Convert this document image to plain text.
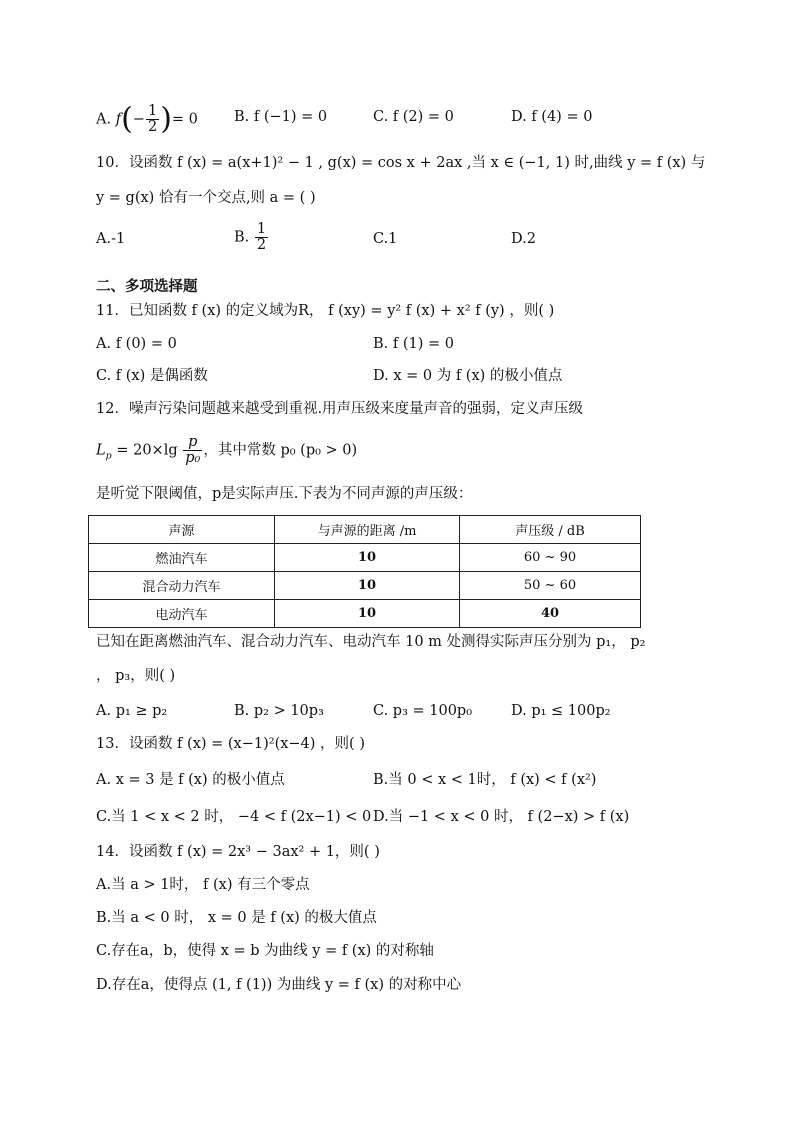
A. $f(- \frac{1}{2}$ )= 0 B. f (−1) = 0	C. f (2) = 0	D. f (4) = 0
10．设函数 f (x) = a(x+1)² − 1 , g(x) = cos x + 2ax ,当 x ∈ (−1, 1) 时,曲线 y = f (x) 与
y = g(x) 恰有一个交点,则 a = ( )
A.-1	B. $\frac{1}{2}$	C.1	D.2
二、多项选择题
11．已知函数 f (x) 的定义域为R， f (xy) = y² f (x) + x² f (y) ，则( )
A. f (0) = 0	B. f (1) = 0
C. f (x) 是偶函数	D. x = 0 为 f (x) 的极小值点
12．噪声污染问题越来越受到重视.用声压级来度量声音的强弱，定义声压级
$L_p = 20\times\lg \frac{p}{\text{p₀}}$ ，其中常数 p₀ (p₀ > 0)
是听觉下限阈值，p是实际声压.下表为不同声源的声压级：
声源	与声源的距离 /m	声压级 / dB
燃油汽车	10	60 ~ 90
混合动力汽车	10	50 ~ 60
电动汽车	10	40
已知在距离燃油汽车、混合动力汽车、电动汽车 10 m 处测得实际声压分别为 p₁， p₂
， p₃，则( )
A. p₁ ≥ p₂	B. p₂ > 10p₃	C. p₃ = 100p₀	D. p₁ ≤ 100p₂
13．设函数 f (x) = (x−1)²(x−4) ，则( )
A. x = 3 是 f (x) 的极小值点	B.当 0 < x < 1时， f (x) < f (x²)
C.当 1 < x < 2 时， −4 < f (2x−1) < 0 D.当 −1 < x < 0 时， f (2−x) > f (x)
14．设函数 f (x) = 2x³ − 3ax² + 1，则( )
A.当 a > 1时， f (x) 有三个零点
B.当 a < 0 时， x = 0 是 f (x) 的极大值点
C.存在a，b，使得 x = b 为曲线 y = f (x) 的对称轴
D.存在a，使得点 (1, f (1)) 为曲线 y = f (x) 的对称中心
